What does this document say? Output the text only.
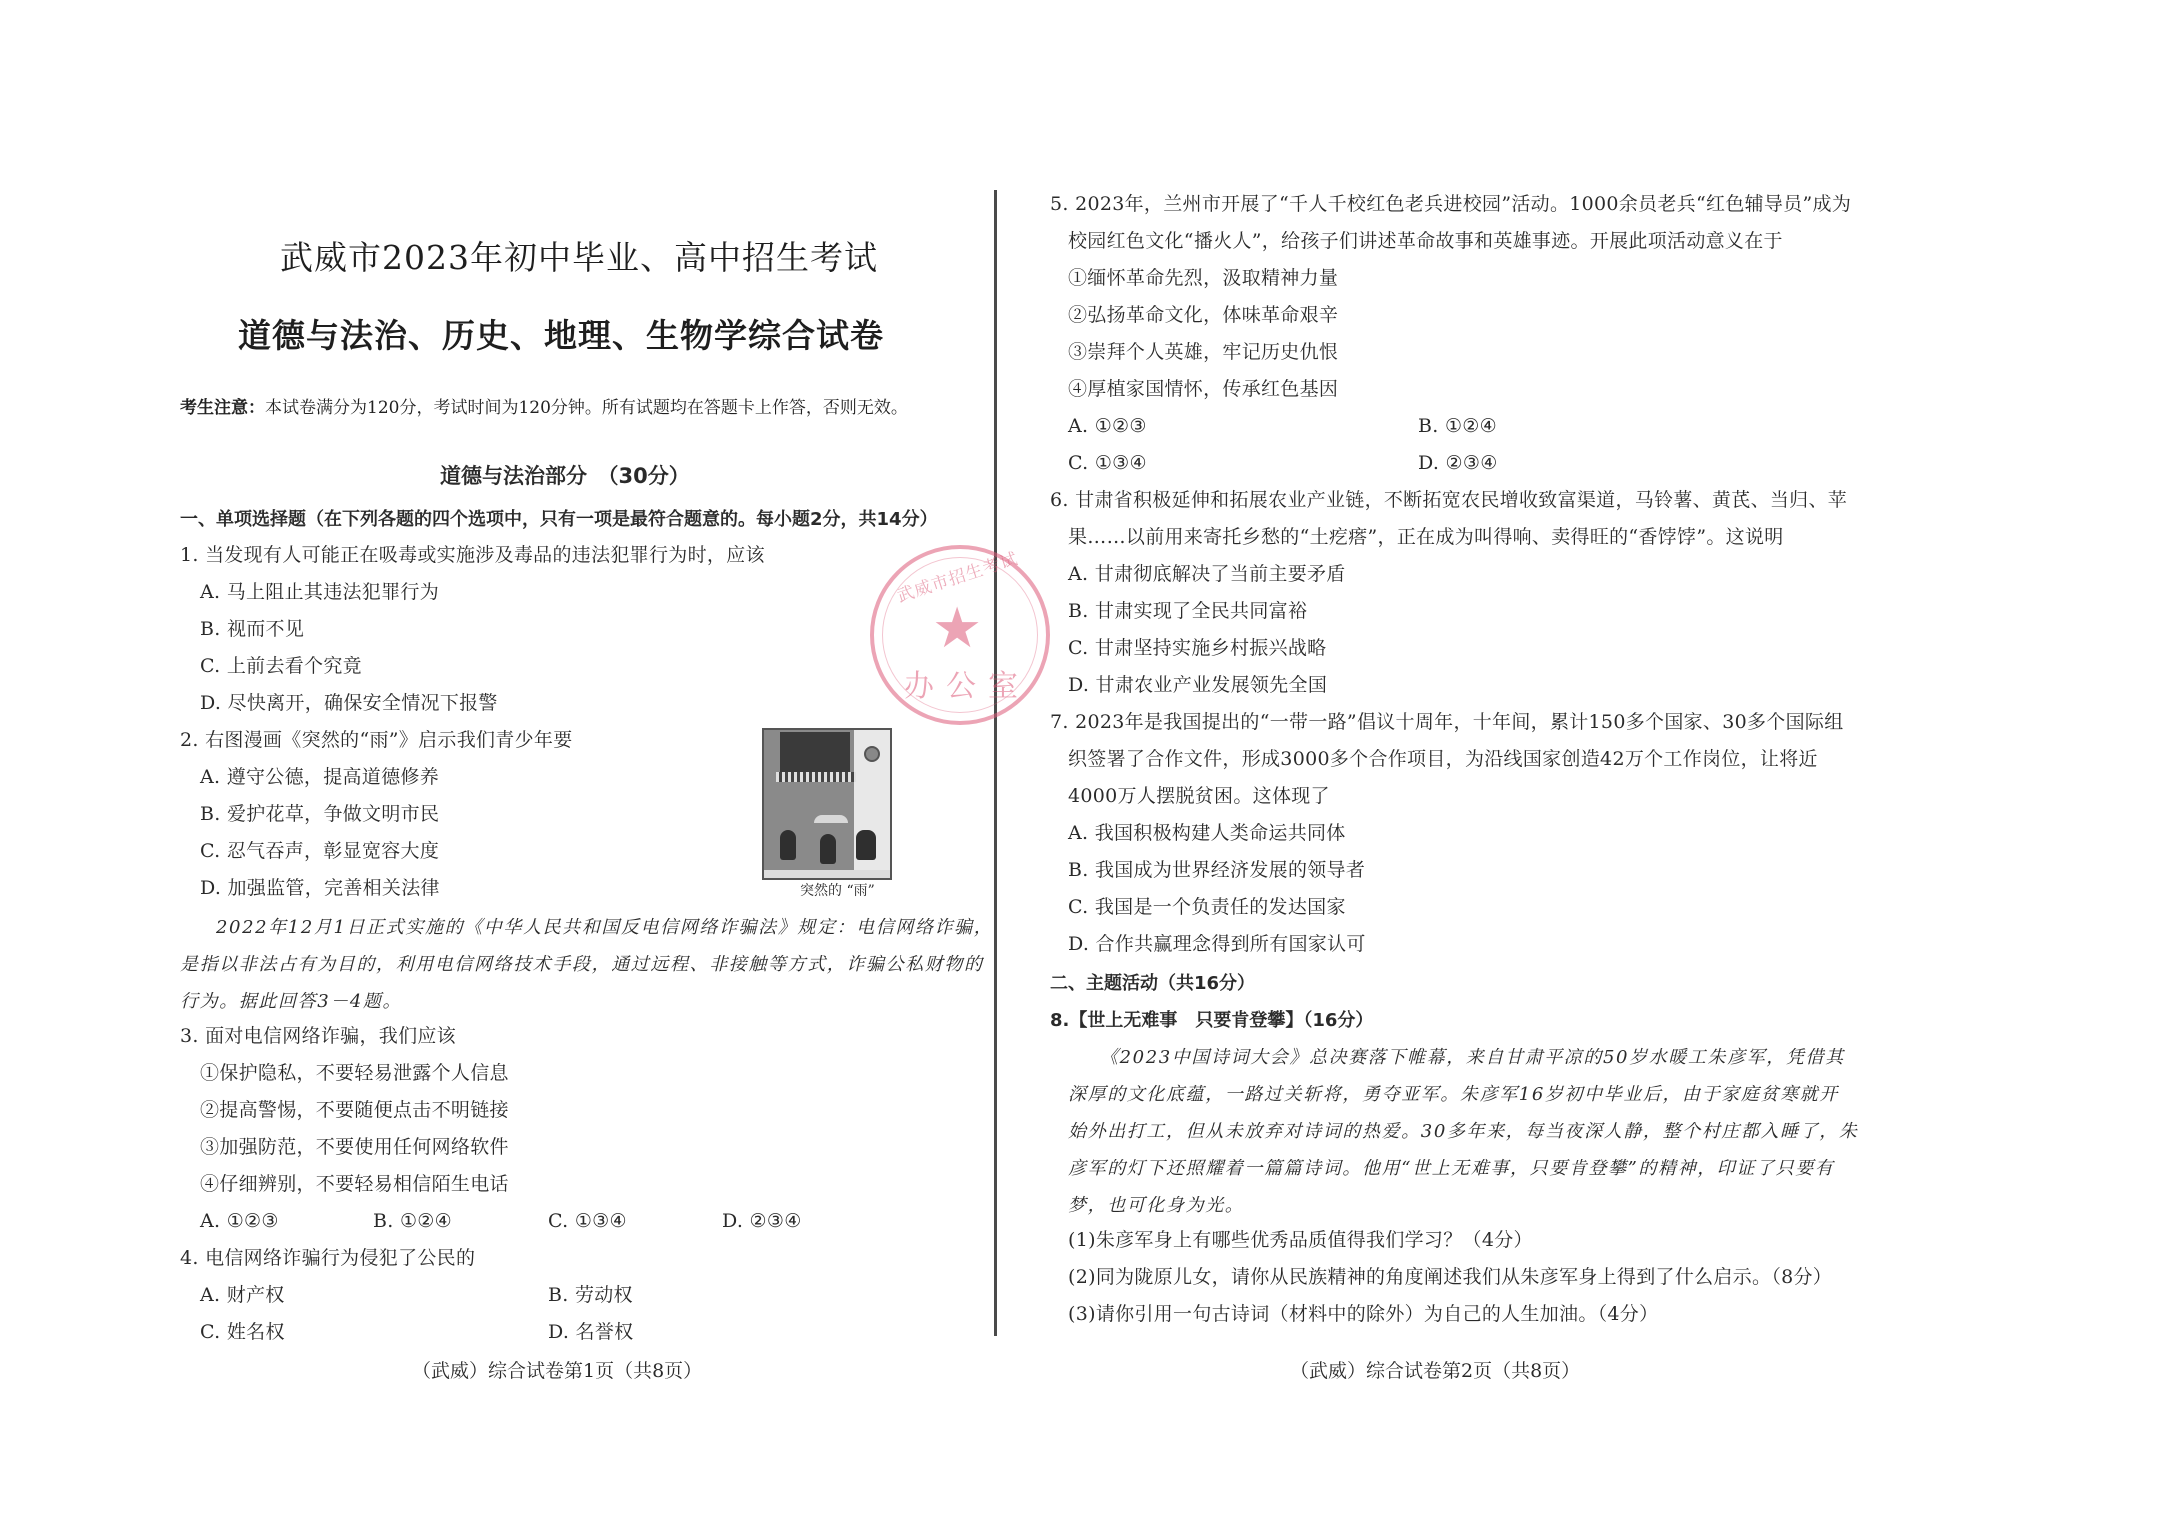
武威市2023年初中毕业、高中招生考试
道德与法治、历史、地理、生物学综合试卷
考生注意：本试卷满分为120分，考试时间为120分钟。所有试题均在答题卡上作答，否则无效。
道德与法治部分　（30分）
一、单项选择题（在下列各题的四个选项中，只有一项是最符合题意的。每小题2分，共14分）
1. 当发现有人可能正在吸毒或实施涉及毒品的违法犯罪行为时，应该
A. 马上阻止其违法犯罪行为
B. 视而不见
C. 上前去看个究竟
D. 尽快离开，确保安全情况下报警
2. 右图漫画《突然的“雨”》启示我们青少年要
A. 遵守公德，提高道德修养
B. 爱护花草，争做文明市民
C. 忍气吞声，彰显宽容大度
D. 加强监管，完善相关法律	突然的 “雨”
2022年12月1日正式实施的《中华人民共和国反电信网络诈骗法》规定：电信网络诈骗，
是指以非法占有为目的，利用电信网络技术手段，通过远程、非接触等方式，诈骗公私财物的
行为。据此回答3－4题。
3. 面对电信网络诈骗，我们应该
①保护隐私，不要轻易泄露个人信息
②提高警惕，不要随便点击不明链接
③加强防范，不要使用任何网络软件
④仔细辨别，不要轻易相信陌生电话
A. ①②③	B. ①②④	C. ①③④	D. ②③④
4. 电信网络诈骗行为侵犯了公民的
A. 财产权	B. 劳动权
C. 姓名权	D. 名誉权
（武威）综合试卷第1页（共8页）
武威市招生考试
★
办公室
5. 2023年，兰州市开展了“千人千校红色老兵进校园”活动。1000余员老兵“红色辅导员”成为
校园红色文化“播火人”，给孩子们讲述革命故事和英雄事迹。开展此项活动意义在于
①缅怀革命先烈，汲取精神力量
②弘扬革命文化，体味革命艰辛
③崇拜个人英雄，牢记历史仇恨
④厚植家国情怀，传承红色基因
A. ①②③	B. ①②④
C. ①③④	D. ②③④
6. 甘肃省积极延伸和拓展农业产业链，不断拓宽农民增收致富渠道，马铃薯、黄芪、当归、苹
果……以前用来寄托乡愁的“土疙瘩”，正在成为叫得响、卖得旺的“香饽饽”。这说明
A. 甘肃彻底解决了当前主要矛盾
B. 甘肃实现了全民共同富裕
C. 甘肃坚持实施乡村振兴战略
D. 甘肃农业产业发展领先全国
7. 2023年是我国提出的“一带一路”倡议十周年，十年间，累计150多个国家、30多个国际组
织签署了合作文件，形成3000多个合作项目，为沿线国家创造42万个工作岗位，让将近
4000万人摆脱贫困。这体现了
A. 我国积极构建人类命运共同体
B. 我国成为世界经济发展的领导者
C. 我国是一个负责任的发达国家
D. 合作共赢理念得到所有国家认可
二、主题活动（共16分）
8.【世上无难事　只要肯登攀】（16分）
《2023中国诗词大会》总决赛落下帷幕，来自甘肃平凉的50岁水暖工朱彦军，凭借其
深厚的文化底蕴，一路过关斩将，勇夺亚军。朱彦军16岁初中毕业后，由于家庭贫寒就开
始外出打工，但从未放弃对诗词的热爱。30多年来，每当夜深人静，整个村庄都入睡了，朱
彦军的灯下还照耀着一篇篇诗词。他用“世上无难事，只要肯登攀”的精神，印证了只要有
梦，也可化身为光。
(1)朱彦军身上有哪些优秀品质值得我们学习？（4分）
(2)同为陇原儿女，请你从民族精神的角度阐述我们从朱彦军身上得到了什么启示。（8分）
(3)请你引用一句古诗词（材料中的除外）为自己的人生加油。（4分）
（武威）综合试卷第2页（共8页）
